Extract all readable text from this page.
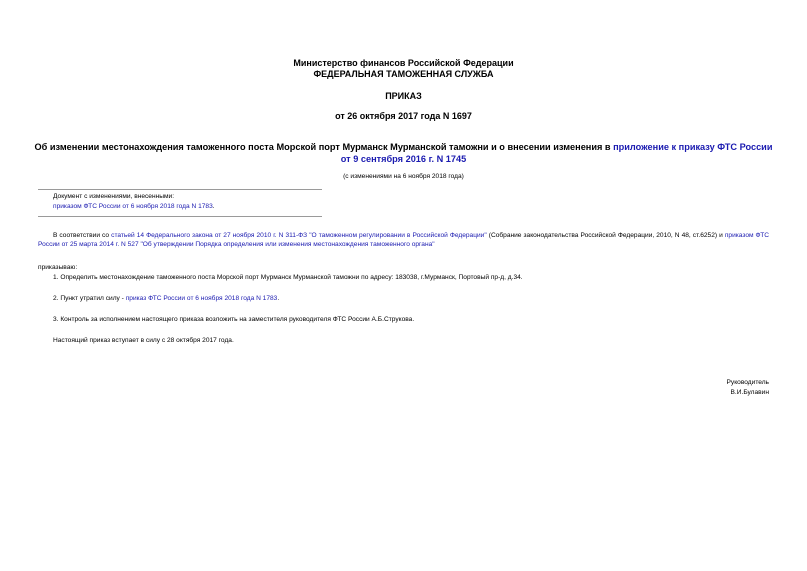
Министерство финансов Российской Федерации
ФЕДЕРАЛЬНАЯ ТАМОЖЕННАЯ СЛУЖБА
ПРИКАЗ
от 26 октября 2017 года N 1697
Об изменении местонахождения таможенного поста Морской порт Мурманск Мурманской таможни и о внесении изменения в приложение к приказу ФТС России от 9 сентября 2016 г. N 1745
(с изменениями на 6 ноября 2018 года)
Документ с изменениями, внесенными:
приказом ФТС России от 6 ноября 2018 года N 1783.
В соответствии со статьей 14 Федерального закона от 27 ноября 2010 г. N 311-ФЗ "О таможенном регулировании в Российской Федерации" (Собрание законодательства Российской Федерации, 2010, N 48, ст.6252) и приказом ФТС России от 25 марта 2014 г. N 527 "Об утверждении Порядка определения или изменения местонахождения таможенного органа"
приказываю:
1. Определить местонахождение таможенного поста Морской порт Мурманск Мурманской таможни по адресу: 183038, г.Мурманск, Портовый пр-д, д.34.
2. Пункт утратил силу - приказ ФТС России от 6 ноября 2018 года N 1783.
3. Контроль за исполнением настоящего приказа возложить на заместителя руководителя ФТС России А.Б.Струкова.
Настоящий приказ вступает в силу с 28 октября 2017 года.
Руководитель
В.И.Булавин
